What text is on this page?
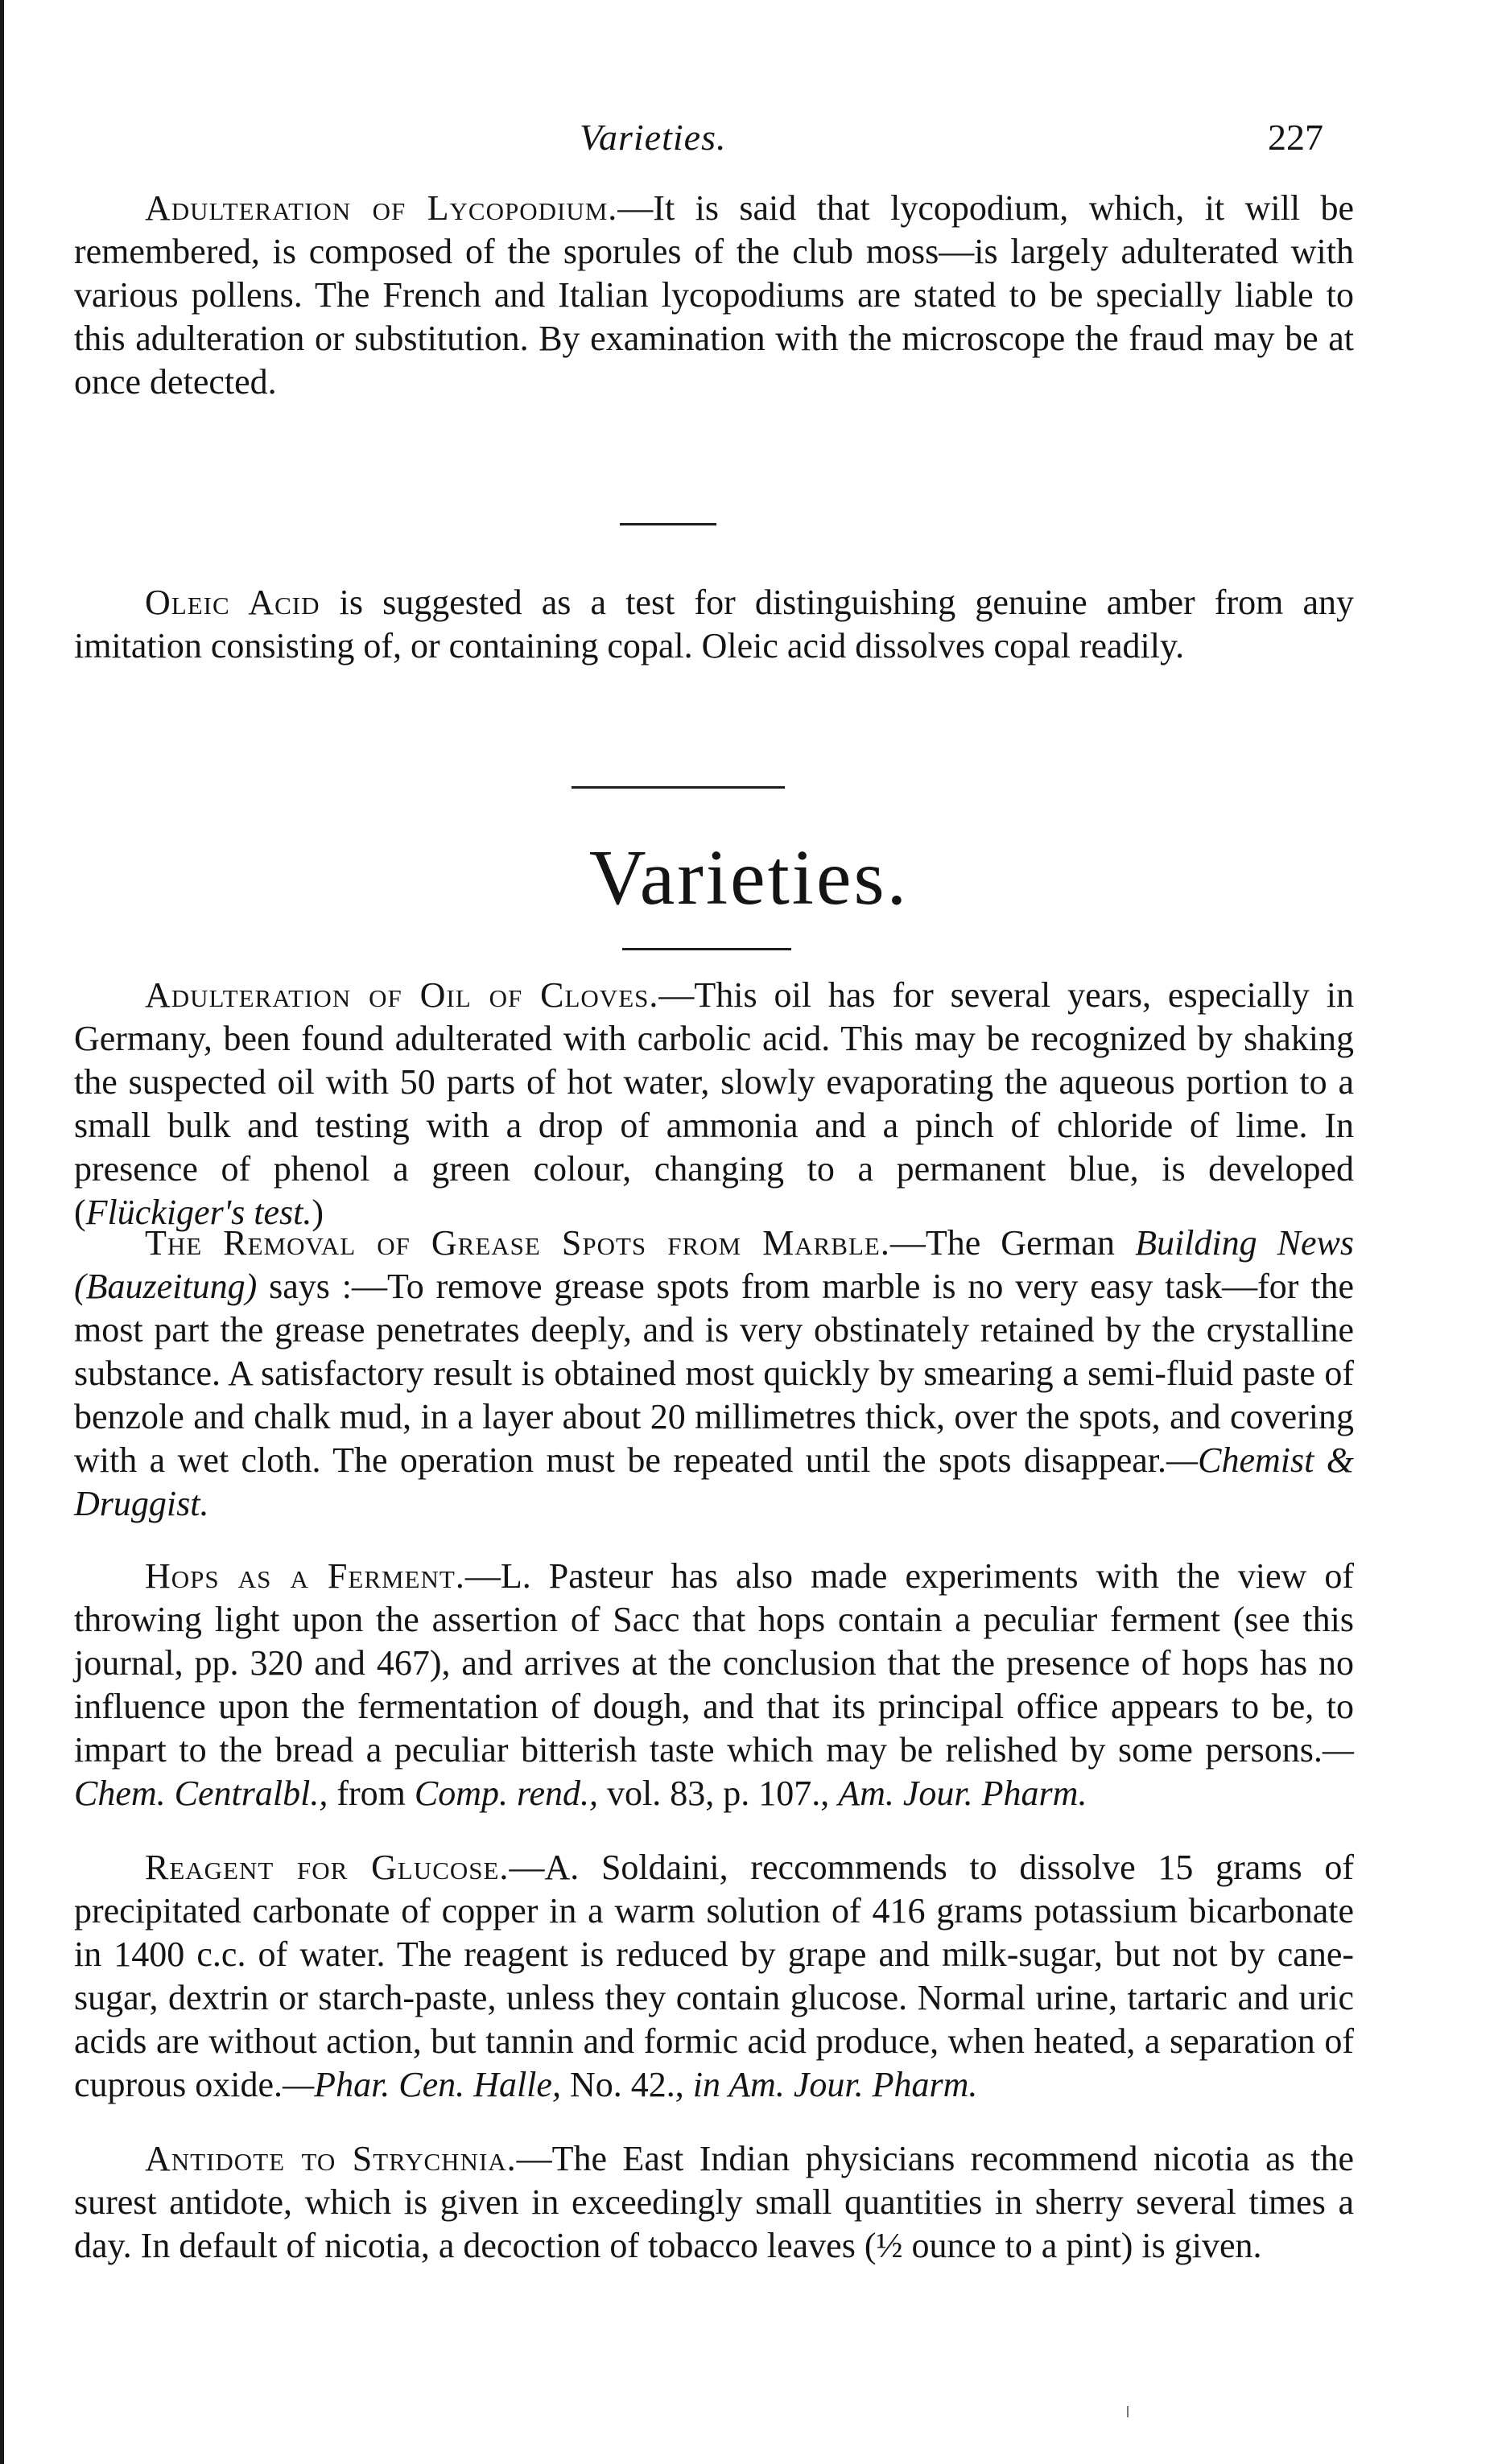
Varieties.	227

Adulteration of Lycopodium.—It is said that lycopodium, which, it will be remembered, is composed of the sporules of the club moss—is largely adulterated with various pollens. The French and Italian lycopodiums are stated to be specially liable to this adulteration or substitution. By examination with the microscope the fraud may be at once detected.

Oleic Acid is suggested as a test for distinguishing genuine amber from any imitation consisting of, or containing copal. Oleic acid dissolves copal readily.

Varieties.

Adulteration of Oil of Cloves.—This oil has for several years, especially in Germany, been found adulterated with carbolic acid. This may be recognized by shaking the suspected oil with 50 parts of hot water, slowly evaporating the aqueous portion to a small bulk and testing with a drop of ammonia and a pinch of chloride of lime. In presence of phenol a green colour, changing to a permanent blue, is developed (Flückiger's test.)

The Removal of Grease Spots from Marble.—The German Building News (Bauzeitung) says :—To remove grease spots from marble is no very easy task—for the most part the grease penetrates deeply, and is very obstinately retained by the crystalline substance. A satisfactory result is obtained most quickly by smearing a semi-fluid paste of benzole and chalk mud, in a layer about 20 millimetres thick, over the spots, and covering with a wet cloth. The operation must be repeated until the spots disappear.—Chemist & Druggist.

Hops as a Ferment.—L. Pasteur has also made experiments with the view of throwing light upon the assertion of Sacc that hops contain a peculiar ferment (see this journal, pp. 320 and 467), and arrives at the conclusion that the presence of hops has no influence upon the fermentation of dough, and that its principal office appears to be, to impart to the bread a peculiar bitterish taste which may be relished by some persons.—Chem. Centralbl., from Comp. rend., vol. 83, p. 107., Am. Jour. Pharm.

Reagent for Glucose.—A. Soldaini, reccommends to dissolve 15 grams of precipitated carbonate of copper in a warm solution of 416 grams potassium bicarbonate in 1400 c.c. of water. The reagent is reduced by grape and milk-sugar, but not by cane-sugar, dextrin or starch-paste, unless they contain glucose. Normal urine, tartaric and uric acids are without action, but tannin and formic acid produce, when heated, a separation of cuprous oxide.—Phar. Cen. Halle, No. 42., in Am. Jour. Pharm.

Antidote to Strychnia.—The East Indian physicians recommend nicotia as the surest antidote, which is given in exceedingly small quantities in sherry several times a day. In default of nicotia, a decoction of tobacco leaves (½ ounce to a pint) is given.
